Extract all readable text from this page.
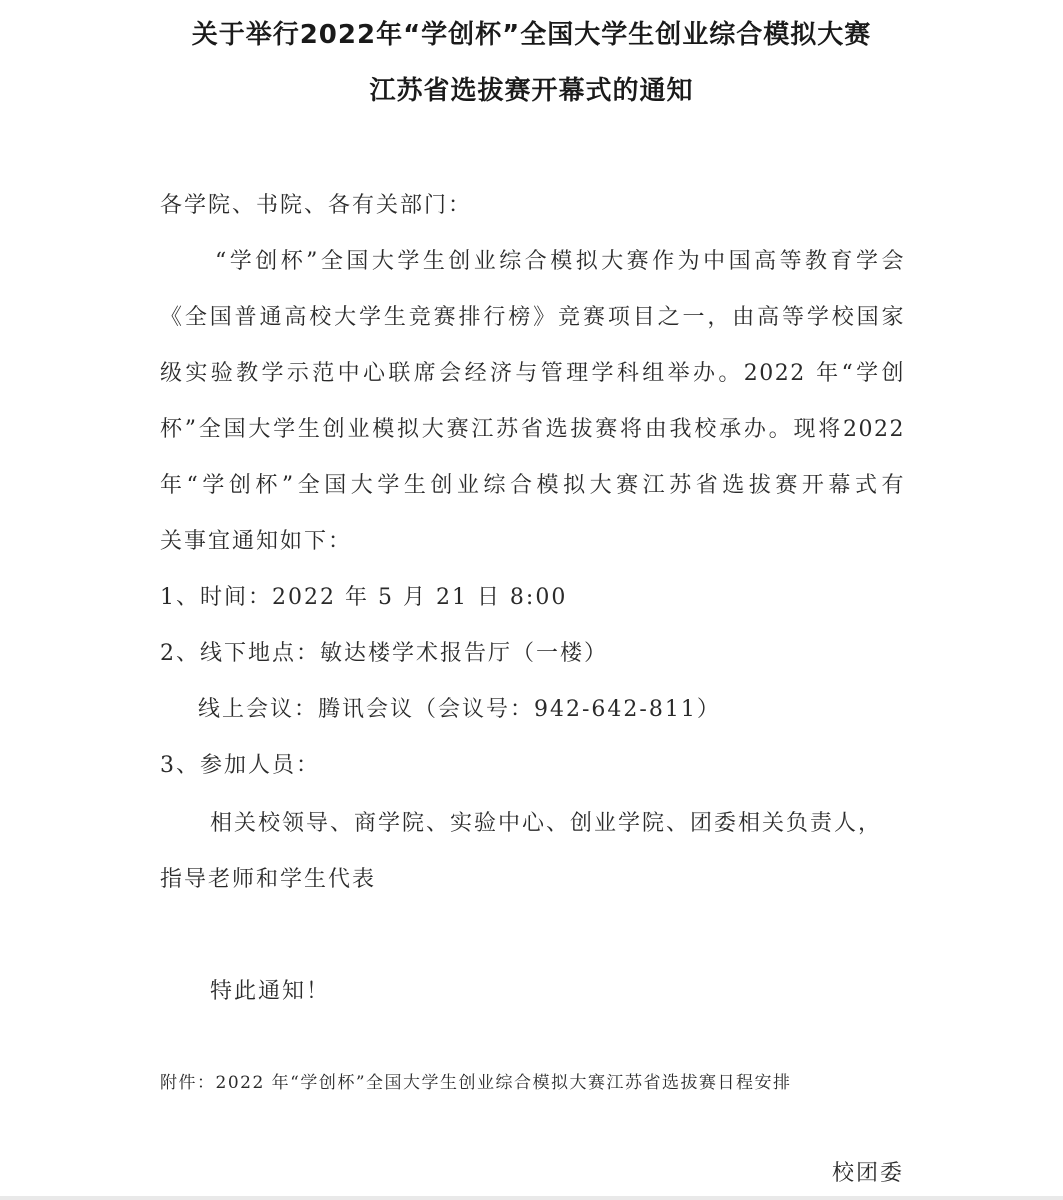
关于举行2022年“学创杯”全国大学生创业综合模拟大赛
江苏省选拔赛开幕式的通知
各学院、书院、各有关部门：
“学创杯”全国大学生创业综合模拟大赛作为中国高等教育学会
《全国普通高校大学生竞赛排行榜》竞赛项目之一，由高等学校国家
级实验教学示范中心联席会经济与管理学科组举办。2022 年“学创
杯”全国大学生创业模拟大赛江苏省选拔赛将由我校承办。现将2022
年“学创杯”全国大学生创业综合模拟大赛江苏省选拔赛开幕式有
关事宜通知如下：
1、时间：2022 年 5 月 21 日 8:00
2、线下地点：敏达楼学术报告厅（一楼）
线上会议：腾讯会议（会议号：942-642-811）
3、参加人员：
相关校领导、商学院、实验中心、创业学院、团委相关负责人，
指导老师和学生代表
特此通知！
附件：2022 年“学创杯”全国大学生创业综合模拟大赛江苏省选拔赛日程安排
校团委
